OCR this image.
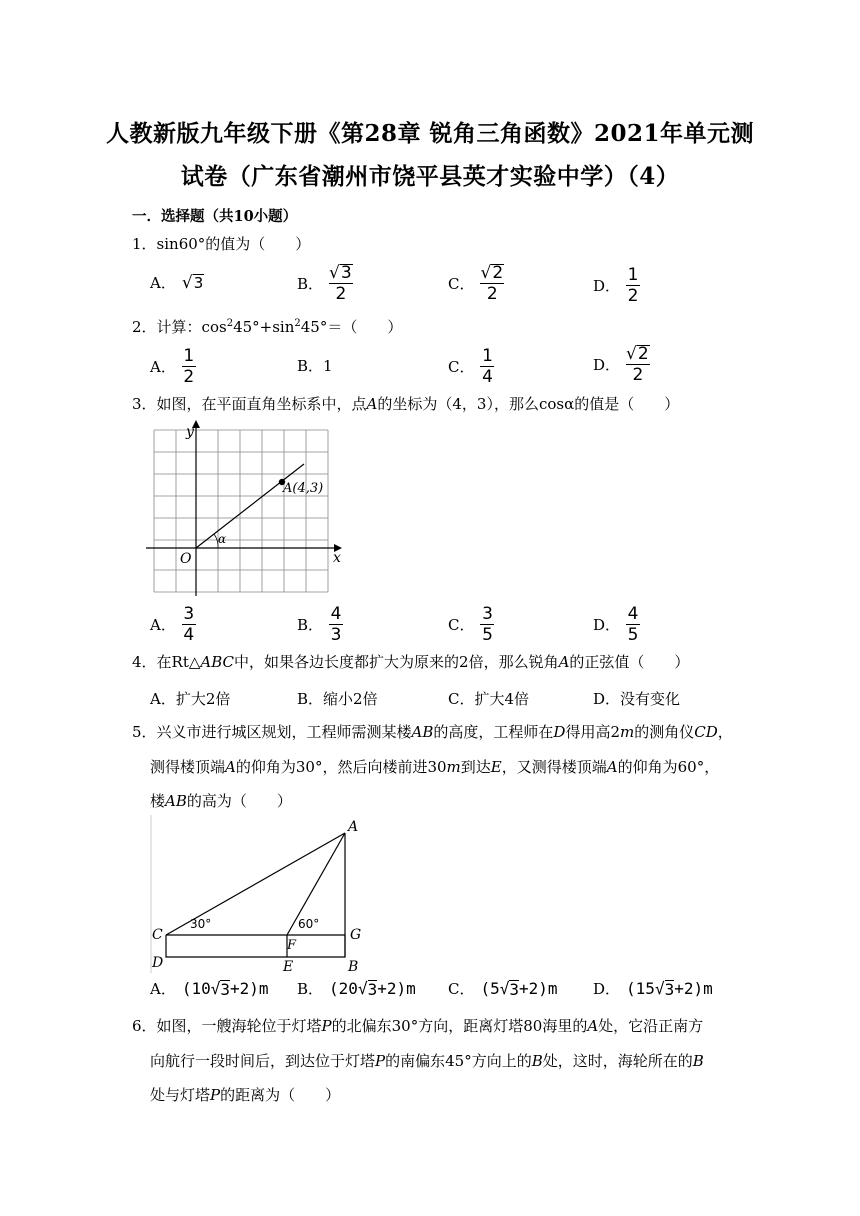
人教新版九年级下册《第28章 锐角三角函数》2021年单元测
试卷（广东省潮州市饶平县英才实验中学）（4）
一．选择题（共10小题）
1．sin60°的值为（　　）
A． √ 3	B． $\frac{√ 3}{2}$	C． $\frac{√ 2}{2}$	D． $\frac{1}{2}$
2．计算：$\cos^245^\circ+\sin^245^\circ=$（　　）
A． $\frac{1}{2}$	B．1	C． $\frac{1}{4}$	D． $\frac{√ 2}{2}$
3．如图，在平面直角坐标系中，点A的坐标为（4，3），那么cosα的值是（　　）
y
x
O
α
A(4,3)
A． $\frac{3}{4}$	B． $\frac{4}{3}$	C． $\frac{3}{5}$	D． $\frac{4}{5}$
4．在Rt△ABC中，如果各边长度都扩大为原来的2倍，那么锐角A的正弦值（　　）
A．扩大2倍	B．缩小2倍	C．扩大4倍	D．没有变化
5．兴义市进行城区规划，工程师需测某楼AB的高度，工程师在D得用高2m的测角仪CD，
测得楼顶端A的仰角为30°，然后向楼前进30m到达E，又测得楼顶端A的仰角为60°，
楼AB的高为（　　）
A
C
D
F
G
E	B
30°	60°
A． (10 √ 3 +2)m B． (20 √ 3 +2)m C． (5 √ 3 +2)m D． (15 √ 3 +2)m
6．如图，一艘海轮位于灯塔P的北偏东30°方向，距离灯塔80海里的A处，它沿正南方
向航行一段时间后，到达位于灯塔P的南偏东45°方向上的B处，这时，海轮所在的B
处与灯塔P的距离为（　　）
